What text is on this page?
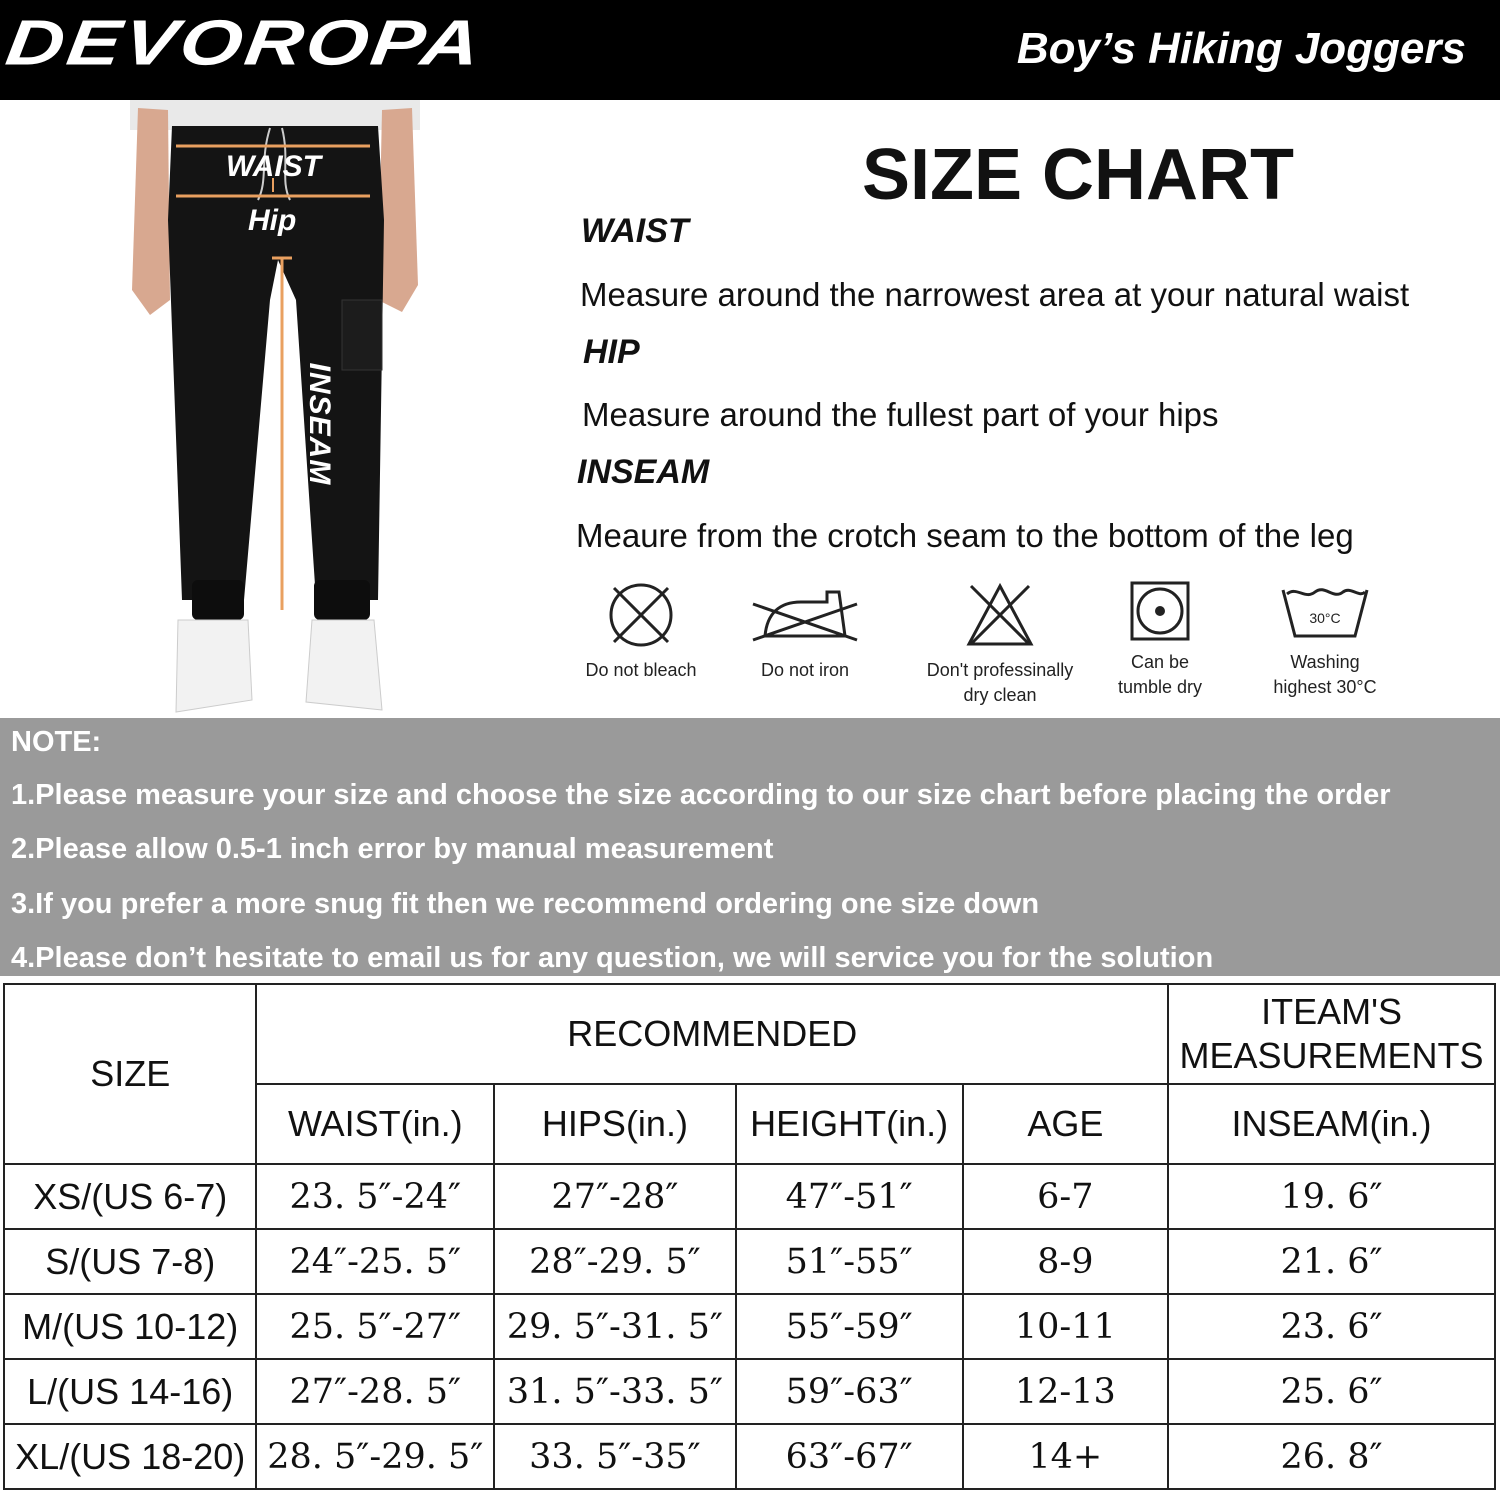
DEVOROPA	Boy’s Hiking Joggers
WAIST
Hip
INSEAM
SIZE CHART
WAIST
Measure around the narrowest area at your natural waist
HIP
Measure around the fullest part of your hips
INSEAM
Meaure from the crotch seam to the bottom of the leg
Do not bleach	Do not iron	Don't professinally
dry clean
Can be
tumble dry
30°C
Washing
highest 30°C
NOTE:
1.Please measure your size and choose the size according to our size chart before placing the order
2.Please allow 0.5-1 inch error by manual measurement
3.If you prefer a more snug fit then we recommend ordering one size down
4.Please don’t hesitate to email us for any question, we will service you for the solution
SIZE	RECOMMENDED				ITEAM'S
MEASUREMENTS

	WAIST(in.)	HIPS(in.)	HEIGHT(in.)	AGE	INSEAM(in.)
XS/(US 6-7)	23. 5″-24″	27″-28″	47″-51″	6-7	19. 6″
S/(US 7-8)	24″-25. 5″	28″-29. 5″	51″-55″	8-9	21. 6″
M/(US 10-12)	25. 5″-27″	29. 5″-31. 5″	55″-59″	10-11	23. 6″
L/(US 14-16)	27″-28. 5″	31. 5″-33. 5″	59″-63″	12-13	25. 6″
XL/(US 18-20)	28. 5″-29. 5″	33. 5″-35″	63″-67″	14+	26. 8″
